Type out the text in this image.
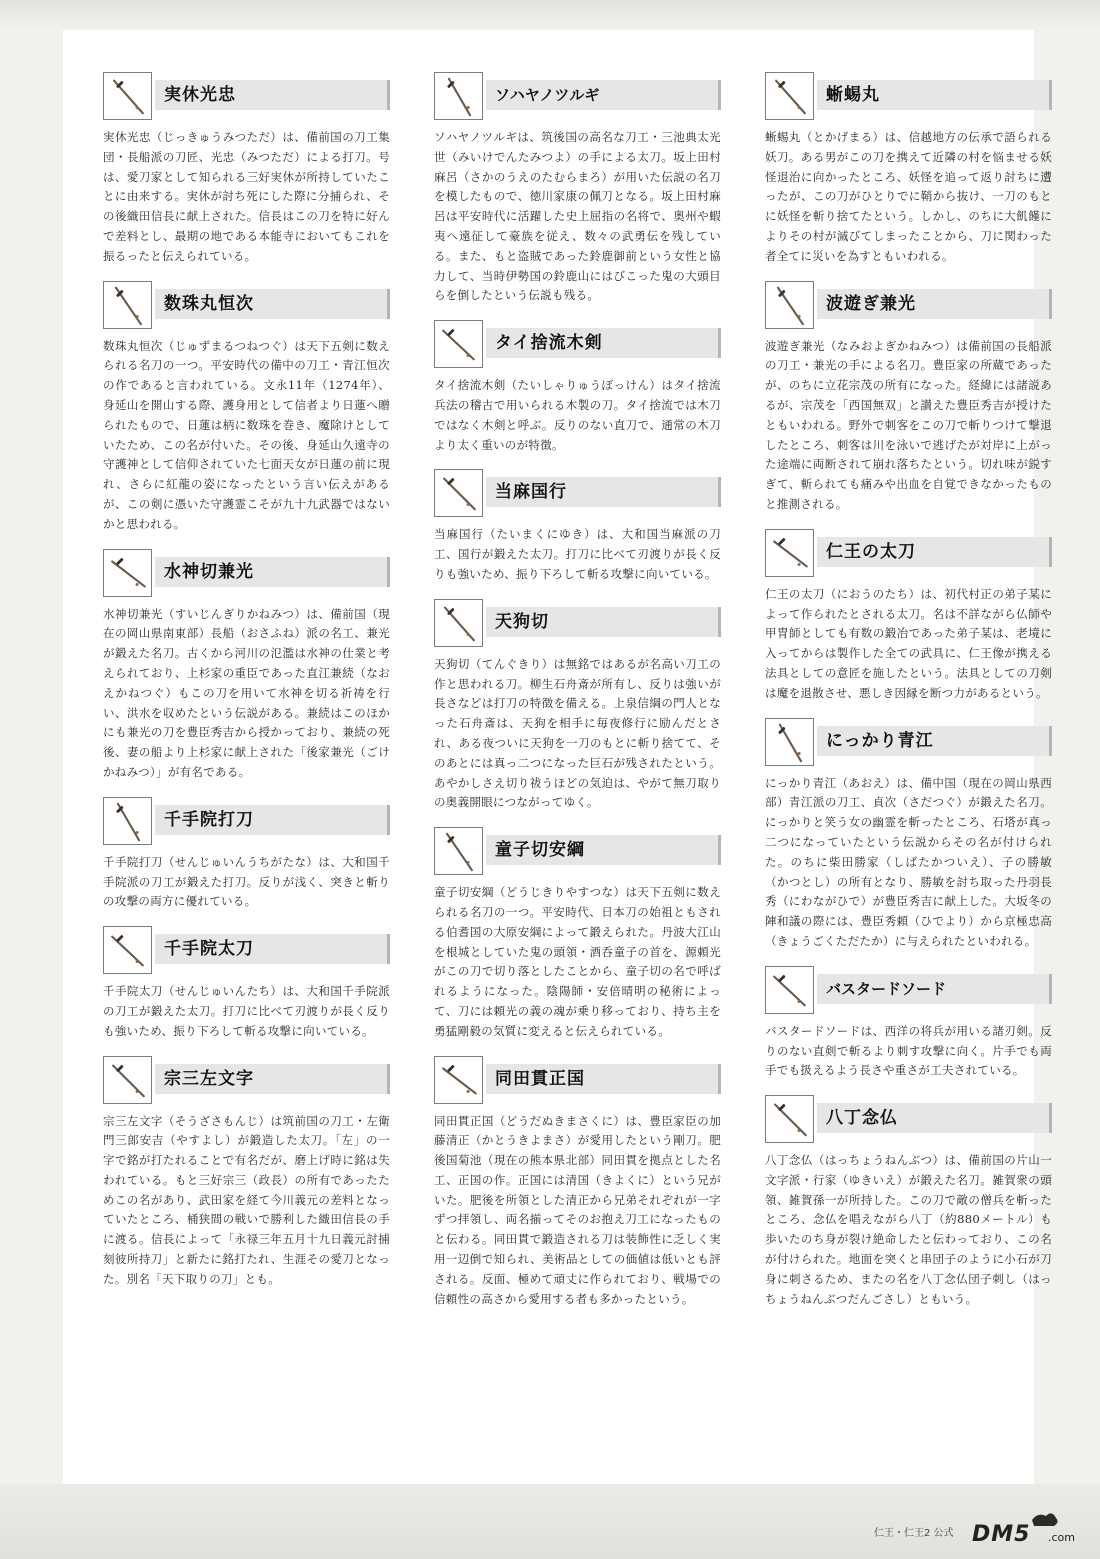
実休光忠

実休光忠（じっきゅうみつただ）は、備前国の刀工集団・長船派の刀匠、光忠（みつただ）による打刀。号は、愛刀家として知られる三好実休が所持していたことに由来する。実休が討ち死にした際に分捕られ、その後織田信長に献上された。信長はこの刀を特に好んで差料とし、最期の地である本能寺においてもこれを振るったと伝えられている。

数珠丸恒次

数珠丸恒次（じゅずまるつねつぐ）は天下五剣に数えられる名刀の一つ。平安時代の備中の刀工・青江恒次の作であると言われている。文永11年（1274年）、身延山を開山する際、護身用として信者より日蓮へ贈られたもので、日蓮は柄に数珠を巻き、魔除けとしていたため、この名が付いた。その後、身延山久遠寺の守護神として信仰されていた七面天女が日蓮の前に現れ、さらに紅龍の姿になったという言い伝えがあるが、この剣に憑いた守護霊こそが九十九武器ではないかと思われる。

水神切兼光

水神切兼光（すいじんぎりかねみつ）は、備前国（現在の岡山県南東部）長船（おさふね）派の名工、兼光が鍛えた名刀。古くから河川の氾濫は水神の仕業と考えられており、上杉家の重臣であった直江兼続（なおえかねつぐ）もこの刀を用いて水神を切る祈祷を行い、洪水を収めたという伝説がある。兼続はこのほかにも兼光の刀を豊臣秀吉から授かっており、兼続の死後、妻の船より上杉家に献上された「後家兼光（ごけかねみつ）」が有名である。

千手院打刀

千手院打刀（せんじゅいんうちがたな）は、大和国千手院派の刀工が鍛えた打刀。反りが浅く、突きと斬りの攻撃の両方に優れている。

千手院太刀

千手院太刀（せんじゅいんたち）は、大和国千手院派の刀工が鍛えた太刀。打刀に比べて刃渡りが長く反りも強いため、振り下ろして斬る攻撃に向いている。

宗三左文字

宗三左文字（そうざさもんじ）は筑前国の刀工・左衛門三郎安吉（やすよし）が鍛造した太刀。「左」の一字で銘が打たれることで有名だが、磨上げ時に銘は失われている。もと三好宗三（政長）の所有であったためこの名があり、武田家を経て今川義元の差料となっていたところ、桶狭間の戦いで勝利した織田信長の手に渡る。信長によって「永禄三年五月十九日義元討捕刻彼所持刀」と新たに銘打たれ、生涯その愛刀となった。別名「天下取りの刀」とも。

ソハヤノツルギ

ソハヤノツルギは、筑後国の高名な刀工・三池典太光世（みいけでんたみつよ）の手による太刀。坂上田村麻呂（さかのうえのたむらまろ）が用いた伝説の名刀を模したもので、徳川家康の佩刀となる。坂上田村麻呂は平安時代に活躍した史上屈指の名将で、奥州や蝦夷へ遠征して豪族を従え、数々の武勇伝を残している。また、もと盗賊であった鈴鹿御前という女性と協力して、当時伊勢国の鈴鹿山にはびこった鬼の大頭目らを倒したという伝説も残る。

タイ捨流木剣

タイ捨流木剣（たいしゃりゅうぼっけん）はタイ捨流兵法の稽古で用いられる木製の刀。タイ捨流では木刀ではなく木剣と呼ぶ。反りのない直刀で、通常の木刀より太く重いのが特徴。

当麻国行

当麻国行（たいまくにゆき）は、大和国当麻派の刀工、国行が鍛えた太刀。打刀に比べて刃渡りが長く反りも強いため、振り下ろして斬る攻撃に向いている。

天狗切

天狗切（てんぐきり）は無銘ではあるが名高い刀工の作と思われる刀。柳生石舟斎が所有し、反りは強いが長さなどは打刀の特徴を備える。上泉信綱の門人となった石舟斎は、天狗を相手に毎夜修行に励んだとされ、ある夜ついに天狗を一刀のもとに斬り捨てて、そのあとには真っ二つになった巨石が残されたという。あやかしさえ切り祓うほどの気迫は、やがて無刀取りの奥義開眼につながってゆく。

童子切安綱

童子切安綱（どうじきりやすつな）は天下五剣に数えられる名刀の一つ。平安時代、日本刀の始祖ともされる伯耆国の大原安綱によって鍛えられた。丹波大江山を根城としていた鬼の頭領・酒呑童子の首を、源頼光がこの刀で切り落としたことから、童子切の名で呼ばれるようになった。陰陽師・安倍晴明の秘術によって、刀には頼光の義の魂が乗り移っており、持ち主を勇猛剛毅の気質に変えると伝えられている。

同田貫正国

同田貫正国（どうだぬきまさくに）は、豊臣家臣の加藤清正（かとうきよまさ）が愛用したという剛刀。肥後国菊池（現在の熊本県北部）同田貫を拠点とした名工、正国の作。正国には清国（きよくに）という兄がいた。肥後を所領とした清正から兄弟それぞれが一字ずつ拝領し、両名揃ってそのお抱え刀工になったものと伝わる。同田貫で鍛造される刀は装飾性に乏しく実用一辺倒で知られ、美術品としての価値は低いとも評される。反面、極めて頑丈に作られており、戦場での信頼性の高さから愛用する者も多かったという。

蜥蜴丸

蜥蜴丸（とかげまる）は、信越地方の伝承で語られる妖刀。ある男がこの刀を携えて近隣の村を悩ませる妖怪退治に向かったところ、妖怪を追って返り討ちに遭ったが、この刀がひとりでに鞘から抜け、一刀のもとに妖怪を斬り捨てたという。しかし、のちに大飢饉によりその村が滅びてしまったことから、刀に関わった者全てに災いを為すともいわれる。

波遊ぎ兼光

波遊ぎ兼光（なみおよぎかねみつ）は備前国の長船派の刀工・兼光の手による名刀。豊臣家の所蔵であったが、のちに立花宗茂の所有になった。経緯には諸説あるが、宗茂を「西国無双」と讃えた豊臣秀吉が授けたともいわれる。野外で刺客をこの刀で斬りつけて撃退したところ、刺客は川を泳いで逃げたが対岸に上がった途端に両断されて崩れ落ちたという。切れ味が鋭すぎて、斬られても痛みや出血を自覚できなかったものと推測される。

仁王の太刀

仁王の太刀（におうのたち）は、初代村正の弟子某によって作られたとされる太刀。名は不詳ながら仏師や甲冑師としても有数の鍛冶であった弟子某は、老境に入ってからは製作した全ての武具に、仁王像が携える法具としての意匠を施したという。法具としての刀剣は魔を退散させ、悪しき因縁を断つ力があるという。

にっかり青江

にっかり青江（あおえ）は、備中国（現在の岡山県西部）青江派の刀工、貞次（さだつぐ）が鍛えた名刀。にっかりと笑う女の幽霊を斬ったところ、石塔が真っ二つになっていたという伝説からその名が付けられた。のちに柴田勝家（しばたかついえ）、子の勝敏（かつとし）の所有となり、勝敏を討ち取った丹羽長秀（にわながひで）が豊臣秀吉に献上した。大坂冬の陣和議の際には、豊臣秀頼（ひでより）から京極忠高（きょうごくただたか）に与えられたといわれる。

バスタードソード

バスタードソードは、西洋の将兵が用いる諸刃剣。反りのない直剣で斬るより刺す攻撃に向く。片手でも両手でも扱えるよう長さや重さが工夫されている。

八丁念仏

八丁念仏（はっちょうねんぶつ）は、備前国の片山一文字派・行家（ゆきいえ）が鍛えた名刀。雑賀衆の頭領、雑賀孫一が所持した。この刀で敵の僧兵を斬ったところ、念仏を唱えながら八丁（約880メートル）も歩いたのち身が裂け絶命したと伝わっており、この名が付けられた。地面を突くと串団子のように小石が刀身に刺さるため、またの名を八丁念仏団子刺し（はっちょうねんぶつだんごさし）ともいう。

仁王・仁王2 公式 DM5 .com
